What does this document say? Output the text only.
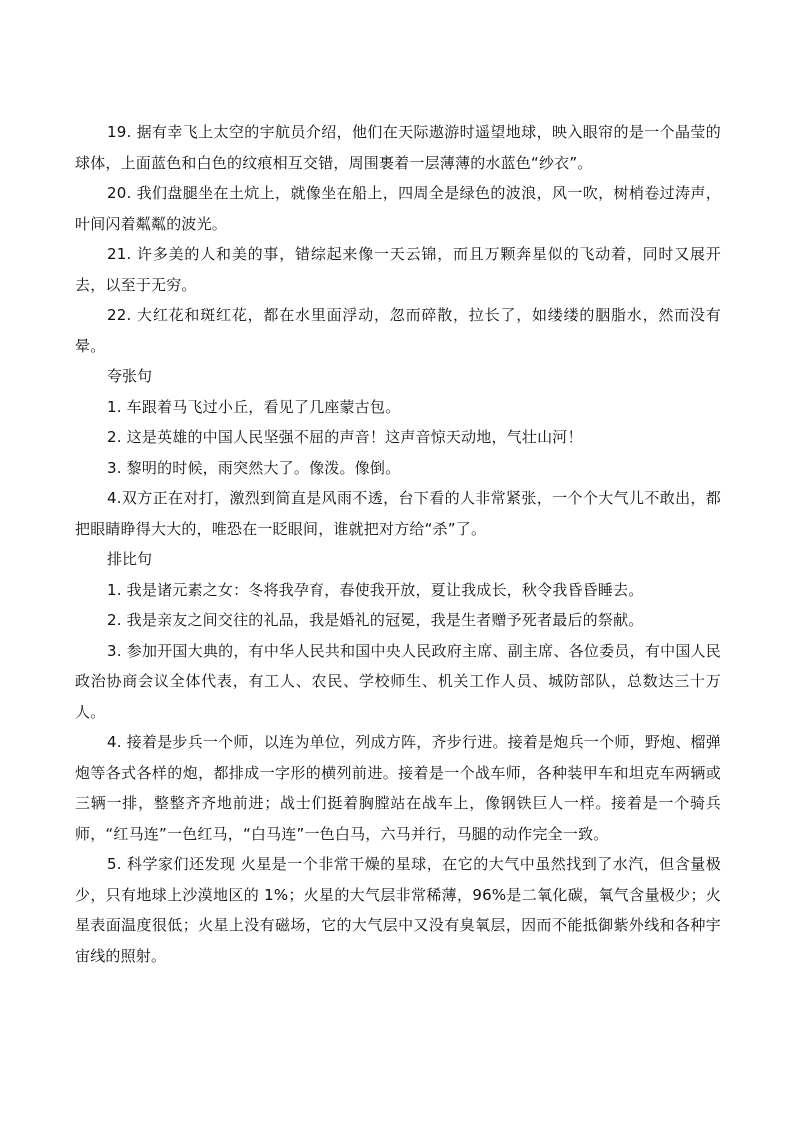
19. 据有幸飞上太空的宇航员介绍，他们在天际遨游时遥望地球，映入眼帘的是一个晶莹的球体，上面蓝色和白色的纹痕相互交错，周围裹着一层薄薄的水蓝色“纱衣”。

20. 我们盘腿坐在土炕上，就像坐在船上，四周全是绿色的波浪，风一吹，树梢卷过涛声，叶间闪着粼粼的波光。

21. 许多美的人和美的事，错综起来像一天云锦，而且万颗奔星似的飞动着，同时又展开去，以至于无穷。

22. 大红花和斑红花，都在水里面浮动，忽而碎散，拉长了，如缕缕的胭脂水，然而没有晕。

夸张句

1. 车跟着马飞过小丘，看见了几座蒙古包。

2. 这是英雄的中国人民坚强不屈的声音！这声音惊天动地，气壮山河！

3. 黎明的时候，雨突然大了。像泼。像倒。

4.双方正在对打，激烈到简直是风雨不透，台下看的人非常紧张，一个个大气儿不敢出，都把眼睛睁得大大的，唯恐在一眨眼间，谁就把对方给“杀”了。

排比句

1. 我是诸元素之女：冬将我孕育，春使我开放，夏让我成长，秋令我昏昏睡去。

2. 我是亲友之间交往的礼品，我是婚礼的冠冕，我是生者赠予死者最后的祭献。

3. 参加开国大典的，有中华人民共和国中央人民政府主席、副主席、各位委员，有中国人民政治协商会议全体代表，有工人、农民、学校师生、机关工作人员、城防部队，总数达三十万人。

4. 接着是步兵一个师，以连为单位，列成方阵，齐步行进。接着是炮兵一个师，野炮、榴弹炮等各式各样的炮，都排成一字形的横列前进。接着是一个战车师，各种装甲车和坦克车两辆或三辆一排，整整齐齐地前进；战士们挺着胸膛站在战车上，像钢铁巨人一样。接着是一个骑兵师，“红马连”一色红马，“白马连”一色白马，六马并行，马腿的动作完全一致。

5. 科学家们还发现 火星是一个非常干燥的星球，在它的大气中虽然找到了水汽，但含量极少，只有地球上沙漠地区的 1%；火星的大气层非常稀薄，96%是二氧化碳，氧气含量极少；火星表面温度很低；火星上没有磁场，它的大气层中又没有臭氧层，因而不能抵御紫外线和各种宇宙线的照射。
